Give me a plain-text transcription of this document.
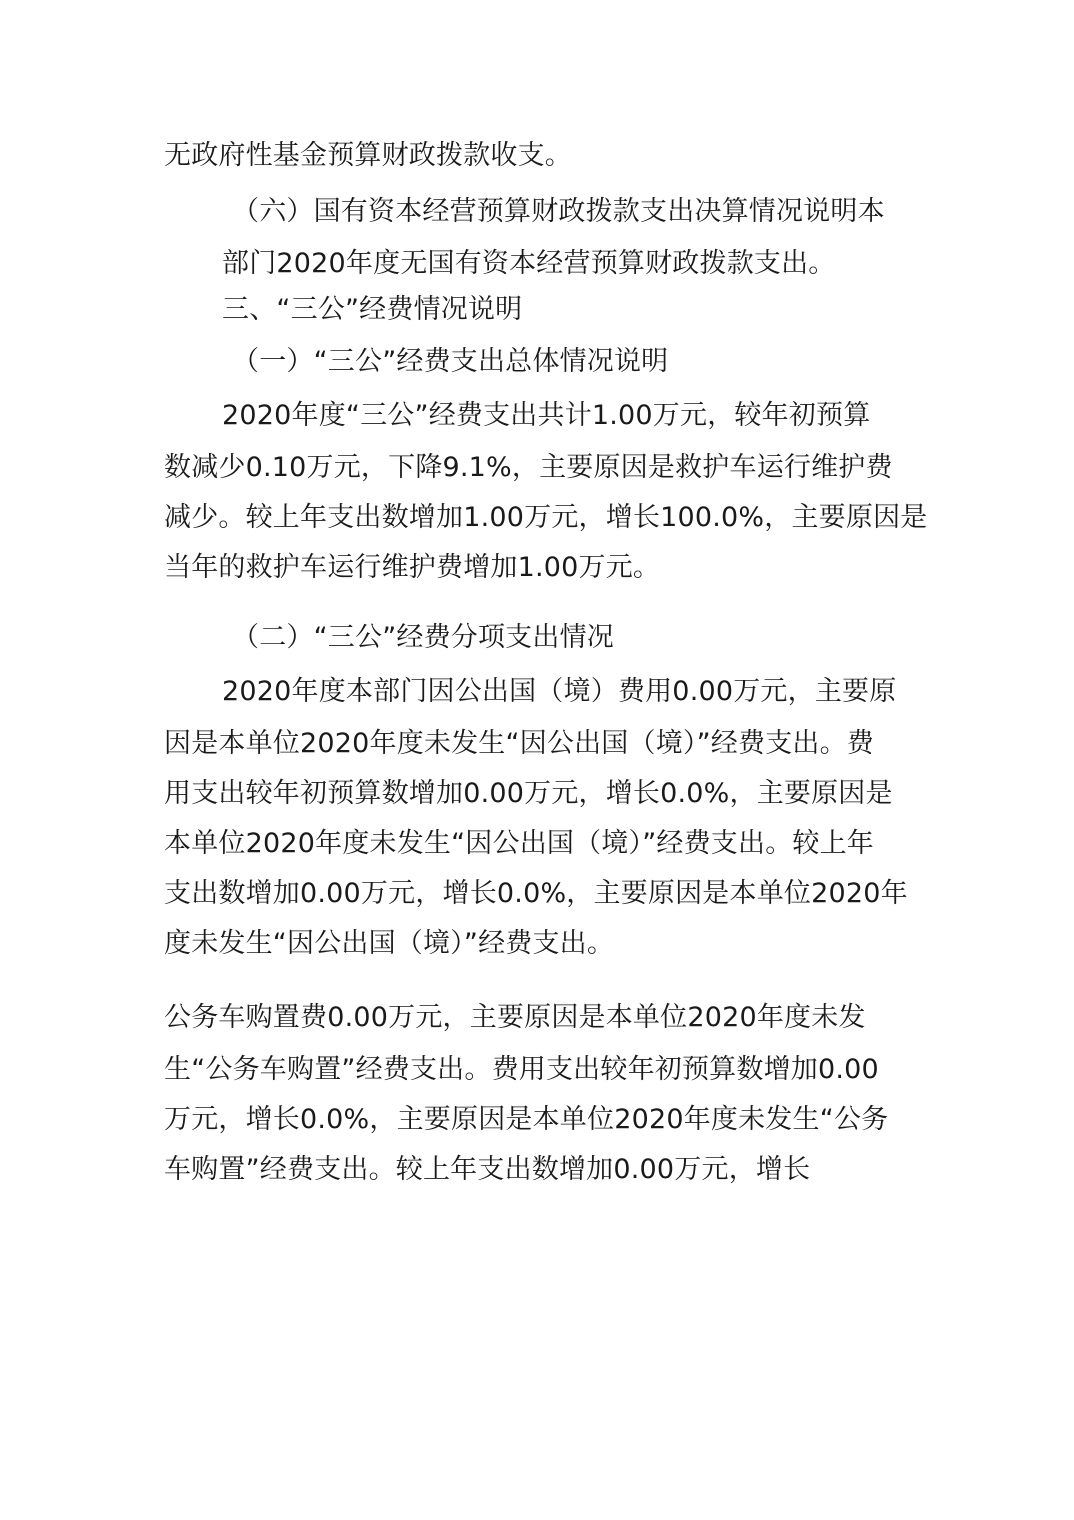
无政府性基金预算财政拨款收支。
（六）国有资本经营预算财政拨款支出决算情况说明本
部门2020年度无国有资本经营预算财政拨款支出。
三、“三公”经费情况说明
（一）“三公”经费支出总体情况说明
2020年度“三公”经费支出共计1.00万元，较年初预算
数减少0.10万元，下降9.1%，主要原因是救护车运行维护费
减少。较上年支出数增加1.00万元，增长100.0%，主要原因是
当年的救护车运行维护费增加1.00万元。
（二）“三公”经费分项支出情况
2020年度本部门因公出国（境）费用0.00万元，主要原
因是本单位2020年度未发生“因公出国（境）”经费支出。费
用支出较年初预算数增加0.00万元，增长0.0%，主要原因是
本单位2020年度未发生“因公出国（境）”经费支出。较上年
支出数增加0.00万元，增长0.0%，主要原因是本单位2020年
度未发生“因公出国（境）”经费支出。
公务车购置费0.00万元，主要原因是本单位2020年度未发
生“公务车购置”经费支出。费用支出较年初预算数增加0.00
万元，增长0.0%，主要原因是本单位2020年度未发生“公务
车购置”经费支出。较上年支出数增加0.00万元，增长
